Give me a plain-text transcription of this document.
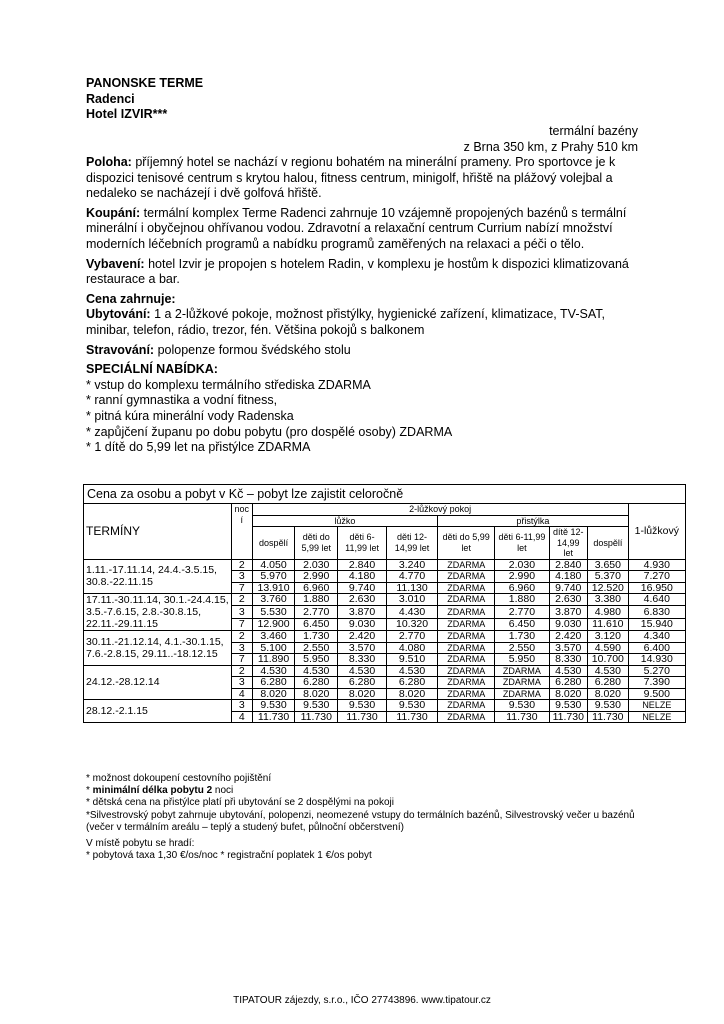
PANONSKE TERME
Radenci
Hotel IZVIR***
termální bazény
z Brna 350 km, z Prahy 510 km

Poloha: příjemný hotel se nachází v regionu bohatém na minerální prameny. Pro sportovce je k dispozici tenisové centrum s krytou halou, fitness centrum, minigolf, hřiště na plážový volejbal a nedaleko se nacházejí i dvě golfová hřiště.

Koupání: termální komplex Terme Radenci zahrnuje 10 vzájemně propojených bazénů s termální minerální i obyčejnou ohřívanou vodou. Zdravotní a relaxační centrum Currium nabízí množství moderních léčebních programů a nabídku programů zaměřených na relaxaci a péči o tělo.

Vybavení: hotel Izvir je propojen s hotelem Radin, v komplexu je hostům k dispozici klimatizovaná restaurace a bar.

Cena zahrnuje:

Ubytování: 1 a 2-lůžkové pokoje, možnost přistýlky, hygienické zařízení, klimatizace, TV-SAT, minibar, telefon, rádio, trezor, fén. Většina pokojů s balkonem

Stravování: polopenze formou švédského stolu

SPECIÁLNÍ NABÍDKA:
* vstup do komplexu termálního střediska ZDARMA
* ranní gymnastika a vodní fitness,
* pitná kúra minerální vody Radenska
* zapůjčení županu po dobu pobytu (pro dospělé osoby) ZDARMA
* 1 dítě do 5,99 let na přistýlce ZDARMA
Cena za osobu a pobyt v Kč – pobyt lze zajistit celoročně										
TERMÍNY	noc í	2-lůžkový pokoj								1-lůžkový
		lůžko				přistýlka				
		dospělí	děti do 5,99 let	děti 6-11,99 let	děti 12-14,99 let	děti do 5,99 let	děti 6-11,99 let	dítě 12-14,99 let	dospělí	
1.11.-17.11.14, 24.4.-3.5.15, 30.8.-22.11.15	2	4.050	2.030	2.840	3.240	ZDARMA	2.030	2.840	3.650	4.930
	3	5.970	2.990	4.180	4.770	ZDARMA	2.990	4.180	5.370	7.270
	7	13.910	6.960	9.740	11.130	ZDARMA	6.960	9.740	12.520	16.950
17.11.-30.11.14, 30.1.-24.4.15, 3.5.-7.6.15, 2.8.-30.8.15, 22.11.-29.11.15	2	3.760	1.880	2.630	3.010	ZDARMA	1.880	2.630	3.380	4.640
	3	5.530	2.770	3.870	4.430	ZDARMA	2.770	3.870	4.980	6.830
	7	12.900	6.450	9.030	10.320	ZDARMA	6.450	9.030	11.610	15.940
30.11.-21.12.14, 4.1.-30.1.15, 7.6.-2.8.15, 29.11..-18.12.15	2	3.460	1.730	2.420	2.770	ZDARMA	1.730	2.420	3.120	4.340
	3	5.100	2.550	3.570	4.080	ZDARMA	2.550	3.570	4.590	6.400
	7	11.890	5.950	8.330	9.510	ZDARMA	5.950	8.330	10.700	14.930
24.12.-28.12.14	2	4.530	4.530	4.530	4.530	ZDARMA	ZDARMA	4.530	4.530	5.270
	3	6.280	6.280	6.280	6.280	ZDARMA	ZDARMA	6.280	6.280	7.390
	4	8.020	8.020	8.020	8.020	ZDARMA	ZDARMA	8.020	8.020	9.500
28.12.-2.1.15	3	9.530	9.530	9.530	9.530	ZDARMA	9.530	9.530	9.530	NELZE
	4	11.730	11.730	11.730	11.730	ZDARMA	11.730	11.730	11.730	NELZE
* možnost dokoupení cestovního pojištění
* minimální délka pobytu 2 noci
* dětská cena na přistýlce platí při ubytování se 2 dospělými na pokoji
*Silvestrovský pobyt zahrnuje ubytování, polopenzi, neomezené vstupy do termálních bazénů, Silvestrovský večer u bazénů (večer v termálním areálu – teplý a studený bufet, půlnoční občerstvení)
V místě pobytu se hradí:
* pobytová taxa 1,30 €/os/noc * registrační poplatek 1 €/os pobyt
TIPATOUR zájezdy, s.r.o., IČO 27743896. www.tipatour.cz
